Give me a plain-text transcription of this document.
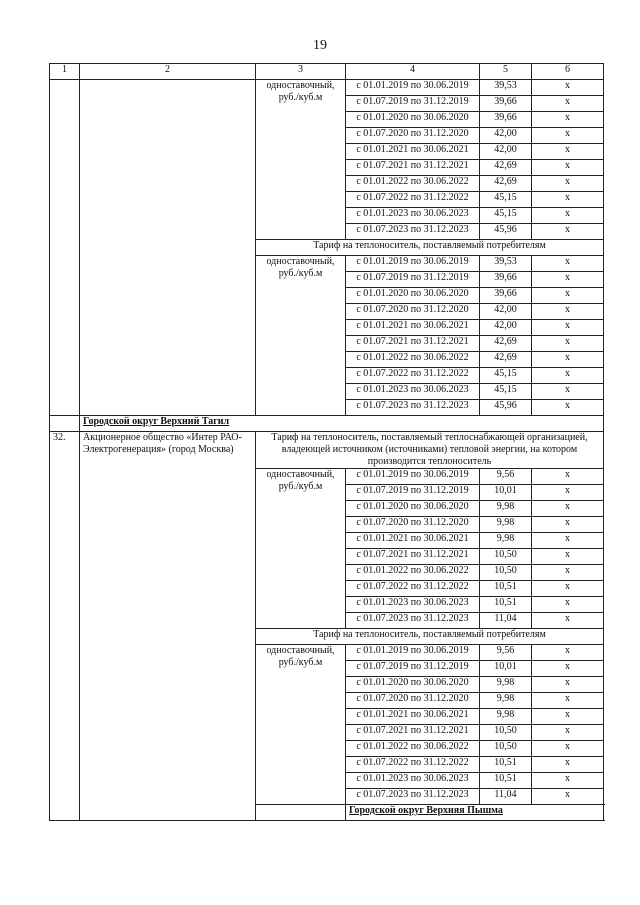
19
1	2	3	4	5	6
		одноставочный, руб./куб.м	с 01.01.2019 по 30.06.2019	39,53	х
			с 01.07.2019 по 31.12.2019	39,66	х
			с 01.01.2020 по 30.06.2020	39,66	х
			с 01.07.2020 по 31.12.2020	42,00	х
			с 01.01.2021 по 30.06.2021	42,00	х
			с 01.07.2021 по 31.12.2021	42,69	х
			с 01.01.2022 по 30.06.2022	42,69	х
			с 01.07.2022 по 31.12.2022	45,15	х
			с 01.01.2023 по 30.06.2023	45,15	х
			с 01.07.2023 по 31.12.2023	45,96	х
		Тариф на теплоноситель, поставляемый потребителям			
		одноставочный, руб./куб.м	с 01.01.2019 по 30.06.2019	39,53	х
			с 01.07.2019 по 31.12.2019	39,66	х
			с 01.01.2020 по 30.06.2020	39,66	х
			с 01.07.2020 по 31.12.2020	42,00	х
			с 01.01.2021 по 30.06.2021	42,00	х
			с 01.07.2021 по 31.12.2021	42,69	х
			с 01.01.2022 по 30.06.2022	42,69	х
			с 01.07.2022 по 31.12.2022	45,15	х
			с 01.01.2023 по 30.06.2023	45,15	х
			с 01.07.2023 по 31.12.2023	45,96	х
	Городской округ Верхний Тагил				
32.	Акционерное общество «Интер РАО-Электрогенерация» (город Москва)	Тариф на теплоноситель, поставляемый теплоснабжающей организацией, владеющей источником (источниками) тепловой энергии, на котором производится теплоноситель			
		одноставочный, руб./куб.м	с 01.01.2019 по 30.06.2019	9,56	х
			с 01.07.2019 по 31.12.2019	10,01	х
			с 01.01.2020 по 30.06.2020	9,98	х
			с 01.07.2020 по 31.12.2020	9,98	х
			с 01.01.2021 по 30.06.2021	9,98	х
			с 01.07.2021 по 31.12.2021	10,50	х
			с 01.01.2022 по 30.06.2022	10,50	х
			с 01.07.2022 по 31.12.2022	10,51	х
			с 01.01.2023 по 30.06.2023	10,51	х
			с 01.07.2023 по 31.12.2023	11,04	х
		Тариф на теплоноситель, поставляемый потребителям			
		одноставочный, руб./куб.м	с 01.01.2019 по 30.06.2019	9,56	х
			с 01.07.2019 по 31.12.2019	10,01	х
			с 01.01.2020 по 30.06.2020	9,98	х
			с 01.07.2020 по 31.12.2020	9,98	х
			с 01.01.2021 по 30.06.2021	9,98	х
			с 01.07.2021 по 31.12.2021	10,50	х
			с 01.01.2022 по 30.06.2022	10,50	х
			с 01.07.2022 по 31.12.2022	10,51	х
			с 01.01.2023 по 30.06.2023	10,51	х
			с 01.07.2023 по 31.12.2023	11,04	х
			Городской округ Верхняя Пышма		
